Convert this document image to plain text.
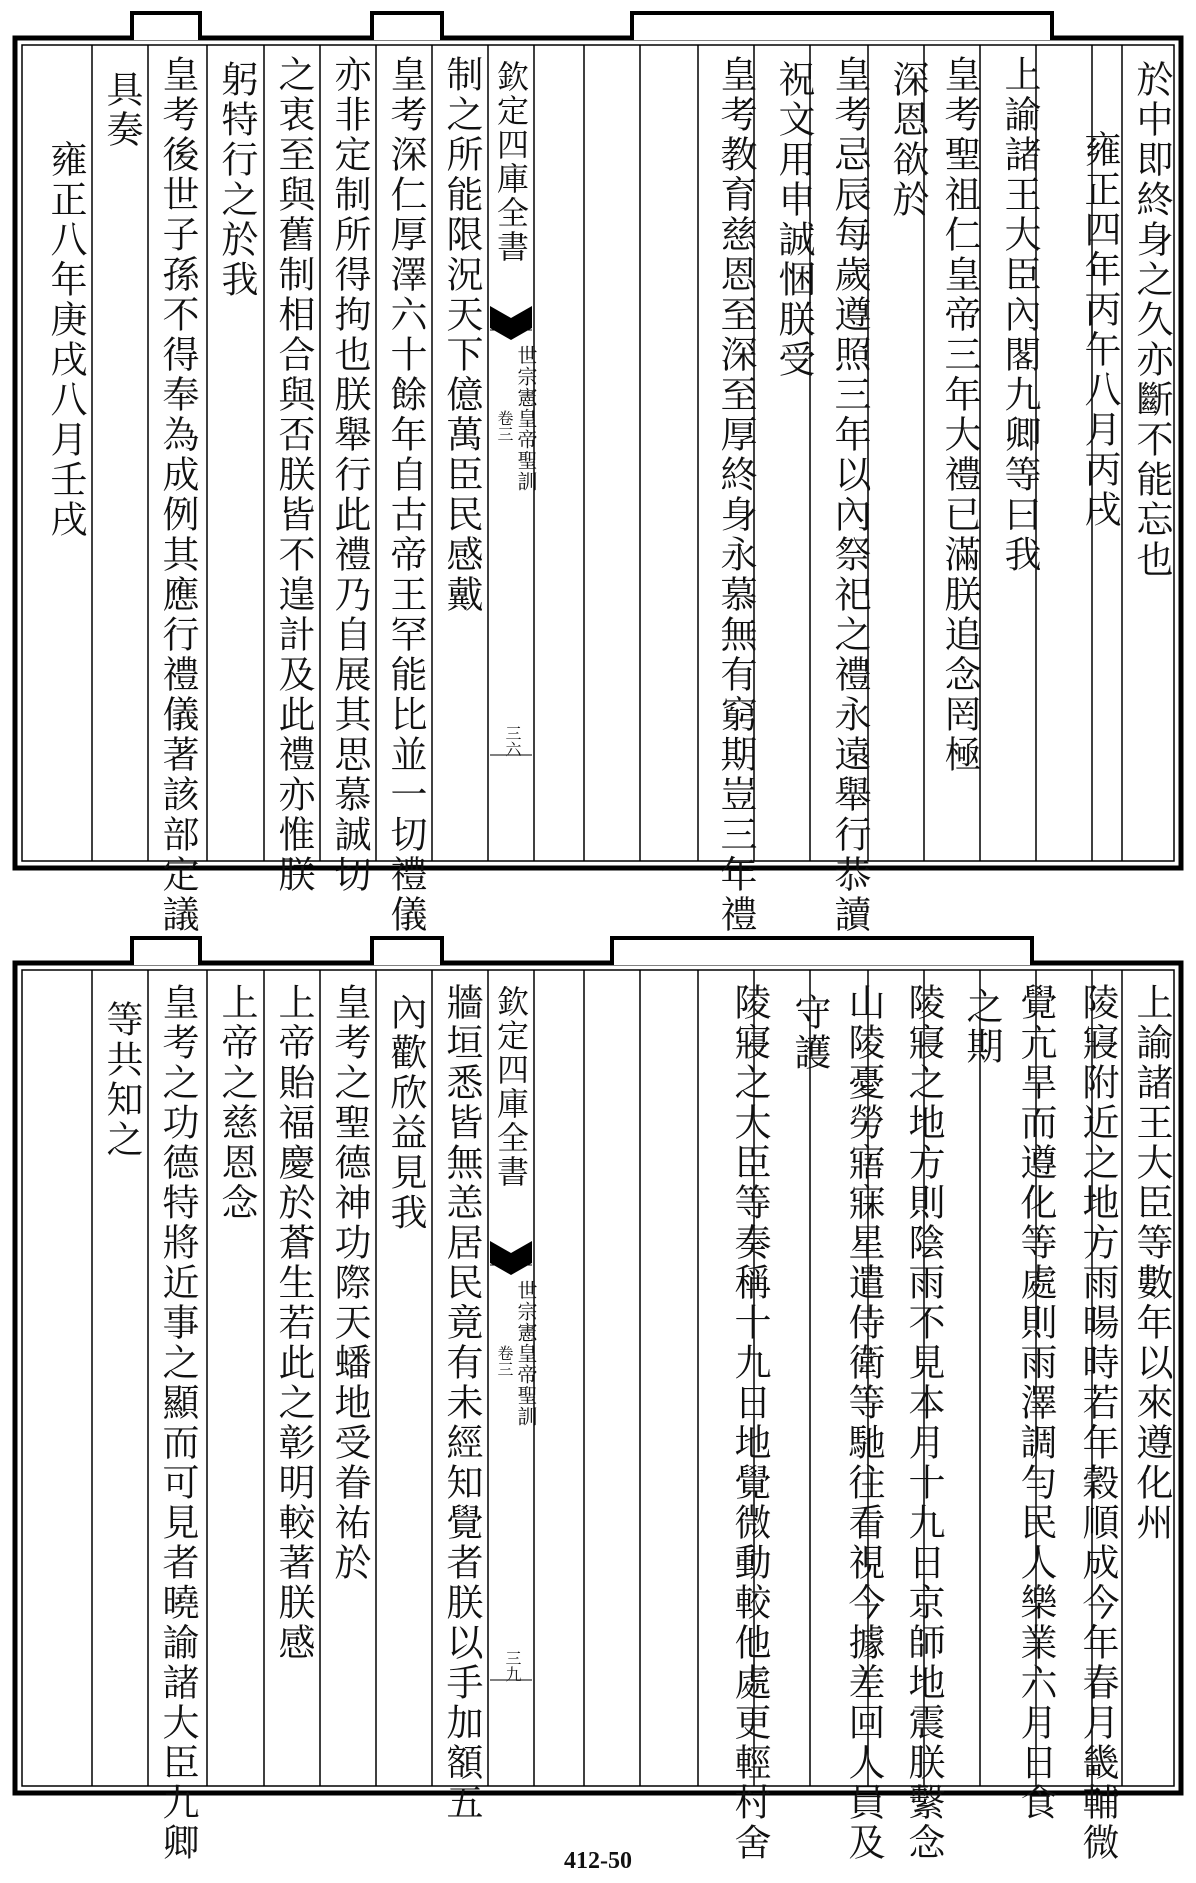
於中即終身之久亦斷不能忘也
雍正四年丙午八月丙戌
上諭諸王大臣內閣九卿等曰我
皇考聖祖仁皇帝三年大禮已滿朕追念罔極
深恩欲於
皇考忌辰每歲遵照三年以內祭祀之禮永遠舉行恭讀
祝文用申誠悃朕受
皇考教育慈恩至深至厚終身永慕無有窮期豈三年禮
欽定四庫全書
世宗憲皇帝聖訓
卷三
三六
制之所能限況天下億萬臣民感戴
皇考深仁厚澤六十餘年自古帝王罕能比並一切禮儀
亦非定制所得拘也朕舉行此禮乃自展其思慕誠切
之衷至與舊制相合與否朕皆不遑計及此禮亦惟朕
躬特行之於我
皇考後世子孫不得奉為成例其應行禮儀著該部定議
具奏
雍正八年庚戌八月壬戌
上諭諸王大臣等數年以來遵化州
陵寢附近之地方雨暘時若年穀順成今年春月畿輔微
覺亢旱而遵化等處則雨澤調勻民人樂業六月日食
之期
陵寢之地方則陰雨不見本月十九日京師地震朕繫念
山陵憂勞寤寐星遣侍衛等馳往看視今據差回人員及
守護
陵寢之大臣等奏稱十九日地覺微動較他處更輕村舍
欽定四庫全書
世宗憲皇帝聖訓
卷三
三九
牆垣悉皆無恙居民竟有未經知覺者朕以手加額五
內歡欣益見我
皇考之聖德神功際天蟠地受眷祐於
上帝貽福慶於蒼生若此之彰明較著朕感
上帝之慈恩念
皇考之功德特將近事之顯而可見者曉諭諸大臣九卿
等共知之
412-50
